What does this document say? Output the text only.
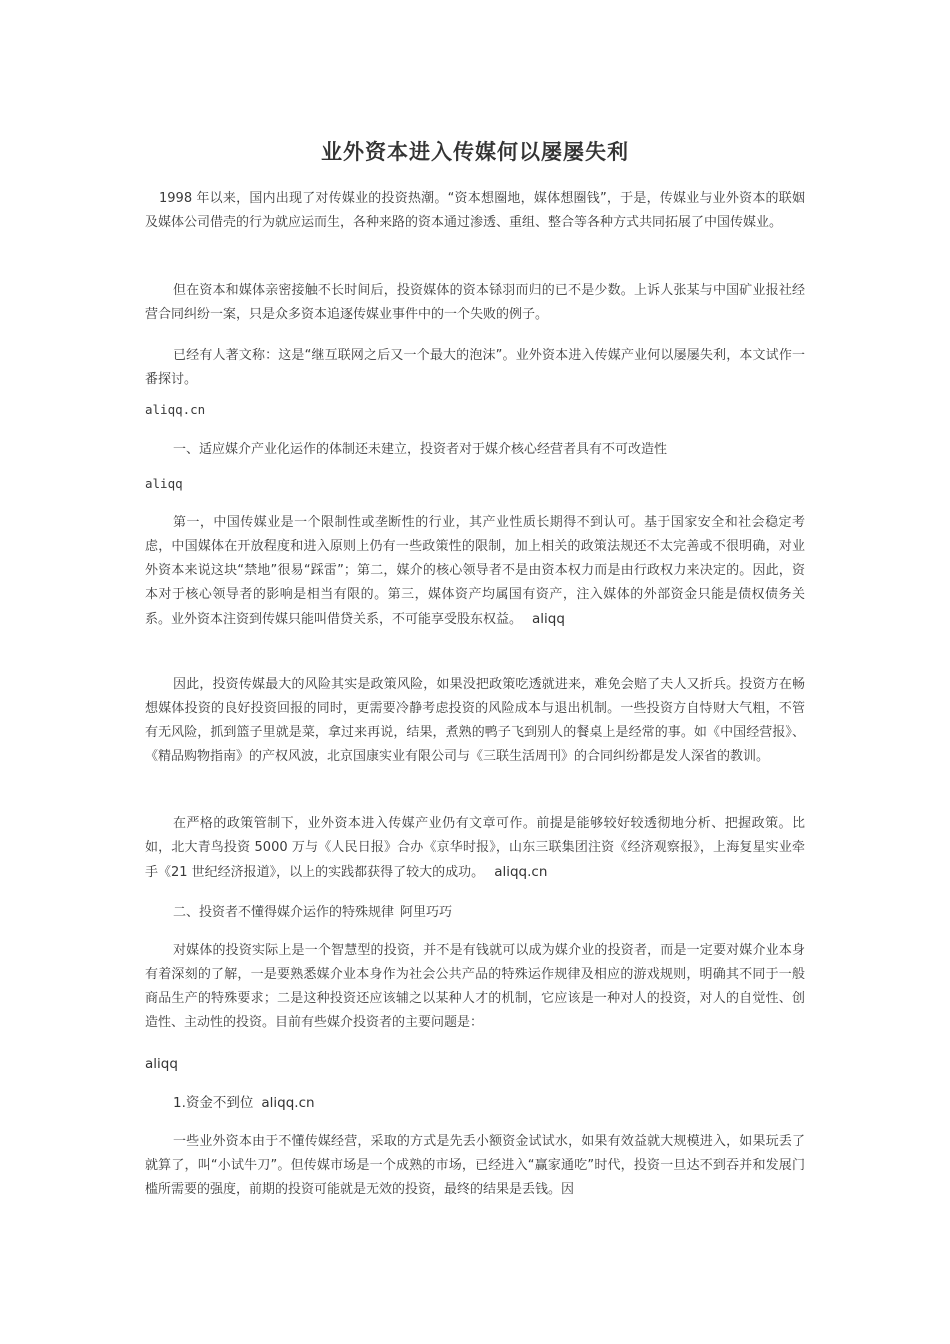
业外资本进入传媒何以屡屡失利

1998 年以来，国内出现了对传媒业的投资热潮。“资本想圈地，媒体想圈钱”，于是，传媒业与业外资本的联姻及媒体公司借壳的行为就应运而生，各种来路的资本通过渗透、重组、整合等各种方式共同拓展了中国传媒业。

但在资本和媒体亲密接触不长时间后，投资媒体的资本铩羽而归的已不是少数。上诉人张某与中国矿业报社经营合同纠纷一案，只是众多资本追逐传媒业事件中的一个失败的例子。

已经有人著文称：这是“继互联网之后又一个最大的泡沫”。业外资本进入传媒产业何以屡屡失利，本文试作一番探讨。

aliqq.cn

一、适应媒介产业化运作的体制还未建立，投资者对于媒介核心经营者具有不可改造性

aliqq

第一，中国传媒业是一个限制性或垄断性的行业，其产业性质长期得不到认可。基于国家安全和社会稳定考虑，中国媒体在开放程度和进入原则上仍有一些政策性的限制，加上相关的政策法规还不太完善或不很明确，对业外资本来说这块“禁地”很易“踩雷”；第二，媒介的核心领导者不是由资本权力而是由行政权力来决定的。因此，资本对于核心领导者的影响是相当有限的。第三，媒体资产均属国有资产，注入媒体的外部资金只能是债权债务关系。业外资本注资到传媒只能叫借贷关系，不可能享受股东权益。 aliqq

因此，投资传媒最大的风险其实是政策风险，如果没把政策吃透就进来，难免会赔了夫人又折兵。投资方在畅想媒体投资的良好投资回报的同时，更需要冷静考虑投资的风险成本与退出机制。一些投资方自恃财大气粗，不管有无风险，抓到篮子里就是菜，拿过来再说，结果，煮熟的鸭子飞到别人的餐桌上是经常的事。如《中国经营报》、《精品购物指南》的产权风波，北京国康实业有限公司与《三联生活周刊》的合同纠纷都是发人深省的教训。

在严格的政策管制下，业外资本进入传媒产业仍有文章可作。前提是能够较好较透彻地分析、把握政策。比如，北大青鸟投资 5000 万与《人民日报》合办《京华时报》，山东三联集团注资《经济观察报》，上海复星实业牵手《21 世纪经济报道》，以上的实践都获得了较大的成功。 aliqq.cn

二、投资者不懂得媒介运作的特殊规律 阿里巧巧

对媒体的投资实际上是一个智慧型的投资，并不是有钱就可以成为媒介业的投资者，而是一定要对媒介业本身有着深刻的了解，一是要熟悉媒介业本身作为社会公共产品的特殊运作规律及相应的游戏规则，明确其不同于一般商品生产的特殊要求；二是这种投资还应该辅之以某种人才的机制，它应该是一种对人的投资，对人的自觉性、创造性、主动性的投资。目前有些媒介投资者的主要问题是：

aliqq

1.资金不到位 aliqq.cn

一些业外资本由于不懂传媒经营，采取的方式是先丢小额资金试试水，如果有效益就大规模进入，如果玩丢了就算了，叫“小试牛刀”。但传媒市场是一个成熟的市场，已经进入“赢家通吃”时代，投资一旦达不到吞并和发展门槛所需要的强度，前期的投资可能就是无效的投资，最终的结果是丢钱。因
